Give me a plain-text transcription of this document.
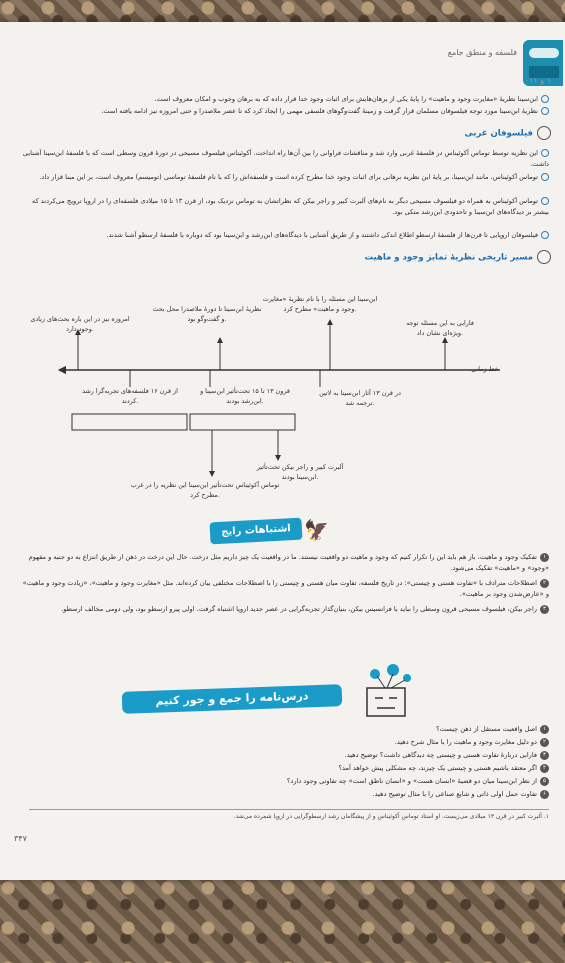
فلسفه و منطق جامع
۱ و ۰۱۱
ابن‌سینا نظریهٔ «مغایرت وجود و ماهیت» را پایهٔ یکی از برهان‌هایش برای اثبات وجود خدا قرار داده که به برهان وجوب و امکان معروف است.
نظریهٔ ابن‌سینا مورد توجه فیلسوفان مسلمان قرار گرفت و زمینهٔ گفت‌وگوهای فلسفی مهمی را ایجاد کرد که تا عصر ملاصدرا و حتی امروزه نیز ادامه یافته است.
فیلسوفان غربی
این نظریه توسط توماس آکوئیناس در فلسفهٔ غربی وارد شد و مناقشات فراوانی را بین آن‌ها راه انداخت. آکوئیناس فیلسوف مسیحی در دورهٔ قرون وسطی است که با فلسفهٔ ابن‌سینا آشنایی داشت.
توماس آکوئیناس، مانند ابن‌سینا، بر پایهٔ این نظریه برهانی برای اثبات وجود خدا مطرح کرده است و فلسفه‌اش را که با نام فلسفهٔ توماسی (تومیسم) معروف است، بر این مبنا قرار داد.
توماس آکوئیناس به همراه دو فیلسوف مسیحی دیگر به نام‌های آلبرت کبیر و راجر بیکن که نظراتشان به توماس نزدیک بود، از قرن ۱۳ تا ۱۵ میلادی فلسفه‌ای را در اروپا ترویج می‌کردند که بیشتر بر دیدگاه‌های ابن‌سینا و تاحدودی ابن‌رشد متکی بود.
فیلسوفان اروپایی تا قرن‌ها از فلسفهٔ ارسطو اطلاع اندکی داشتند و از طریق آشنایی با دیدگاه‌های ابن‌رشد و ابن‌سینا بود که دوباره با فلسفهٔ ارسطو آشنا شدند.
مسیر تاریخی نظریهٔ تمایز وجود و ماهیت
فارابی به این مسئله توجه ویژه‌ای نشان داد.
ابن‌سینا این مسئله را با نام نظریهٔ «مغایرت وجود و ماهیت» مطرح کرد.
نظریهٔ ابن‌سینا تا دورهٔ ملاصدرا محل بحث و گفت‌وگو بود.
امروزه نیز در این باره بحث‌های زیادی وجود دارد.
خط زمانی
در قرن ۱۳ آثار ابن‌سینا به لاتین ترجمه شد.
قرون ۱۳ تا ۱۵ تحت‌تأثیر ابن‌سینا و ابن‌رشد بودند.
از قرن ۱۶ فلسفه‌های تجربه‌گرا رشد کردند.
آلبرت کبیر و راجر بیکن تحت‌تأثیر ابن‌سینا بودند.
توماس آکوئیناس تحت‌تأثیر ابن‌سینا این نظریه را در غرب مطرح کرد.
اشتباهات رایج 🦅
۱تفکیک وجود و ماهیت، باز هم باید این را تکرار کنیم که وجود و ماهیت دو واقعیت نیستند. ما در واقعیت یک چیز داریم مثل درخت. حال این درخت در ذهن از طریق انتزاع به دو جنبه و مفهوم «وجود» و «ماهیت» تفکیک می‌شود.
۲اصطلاحات مترادف با «تفاوت هستی و چیستی»: در تاریخ فلسفه، تفاوت میان هستی و چیستی را با اصطلاحات مختلفی بیان کرده‌اند. مثل «مغایرت وجود و ماهیت»، «زیادت وجود و ماهیت» و «عارض‌شدن وجود بر ماهیت».
۳راجر بیکن، فیلسوف مسیحی قرون وسطی را نباید با فرانسیس بیکن، بنیان‌گذار تجربه‌گرایی در عصر جدید اروپا اشتباه گرفت. اولی پیرو ارسطو بود، ولی دومی مخالف ارسطو.
درس‌نامه را جمع و جور کنیم
۱اصل واقعیت مستقل از ذهن چیست؟
۲دو دلیل مغایرت وجود و ماهیت را با مثال شرح دهید.
۳فارابی دربارهٔ تفاوت هستی و چیستی چه دیدگاهی داشت؟ توضیح دهید.
۴اگر معتقد باشیم هستی و چیستی یک چیزند، چه مشکلی پیش خواهد آمد؟
۵از نظر ابن‌سینا میان دو قضیهٔ «انسان هست» و «انسان ناطق است» چه تفاوتی وجود دارد؟
۶تفاوت حمل اولی ذاتی و شایع صناعی را با مثال توضیح دهید.
۱. آلبرت کبیر در قرن ۱۳ میلادی می‌زیست. او استاد توماس آکوئیناس و از پیشگامان رشد ارسطوگرایی در اروپا شمرده می‌شد.
۳۴۷
